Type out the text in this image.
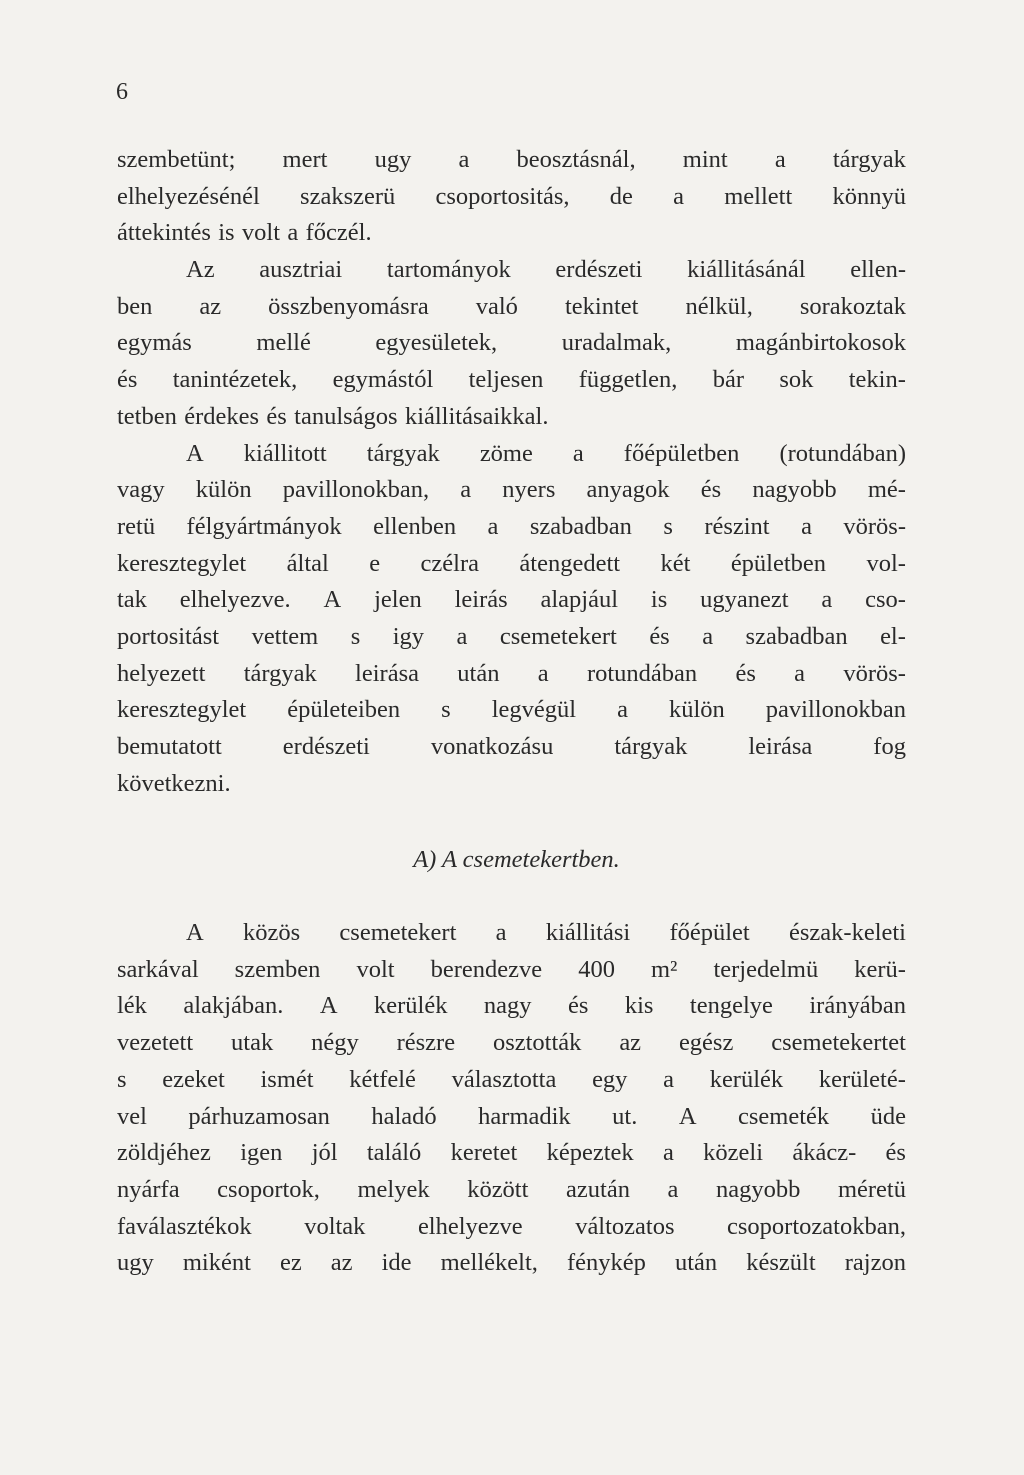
6
szembetünt; mert ugy a beosztásnál, mint a tárgyak
elhelyezésénél szakszerü csoportositás, de a mellett könnyü
áttekintés is volt a főczél.
Az ausztriai tartományok erdészeti kiállitásánál ellen-
ben az összbenyomásra való tekintet nélkül, sorakoztak
egymás	mellé	egyesületek,	uradalmak,	magánbirtokosok
és tanintézetek, egymástól teljesen független, bár sok tekin-
tetben érdekes és tanulságos kiállitásaikkal.
A kiállitott tárgyak zöme a főépületben (rotundában)
vagy külön pavillonokban, a nyers anyagok és nagyobb mé-
retü félgyártmányok ellenben a szabadban s részint a vörös-
keresztegylet által e czélra átengedett két épületben vol-
tak elhelyezve. A jelen leirás alapjául is ugyanezt a cso-
portositást vettem s igy a csemetekert és a szabadban el-
helyezett tárgyak leirása után a rotundában és a vörös-
keresztegylet épületeiben s legvégül a külön pavillonokban
bemutatott erdészeti vonatkozásu tárgyak leirása fog
következni.
A) A csemetekertben.
A közös csemetekert a kiállitási főépület észak-keleti
sarkával szemben volt berendezve 400 m² terjedelmü kerü-
lék alakjában. A kerülék nagy és kis tengelye irányában
vezetett utak négy részre osztották az egész csemetekertet
s ezeket ismét kétfelé választotta egy a kerülék kerületé-
vel párhuzamosan haladó harmadik ut. A csemeték üde
zöldjéhez igen jól találó keretet képeztek a közeli ákácz- és
nyárfa csoportok, melyek között azután a nagyobb méretü
faválasztékok voltak elhelyezve változatos csoportozatokban,
ugy miként ez az ide mellékelt, fénykép után készült rajzon
